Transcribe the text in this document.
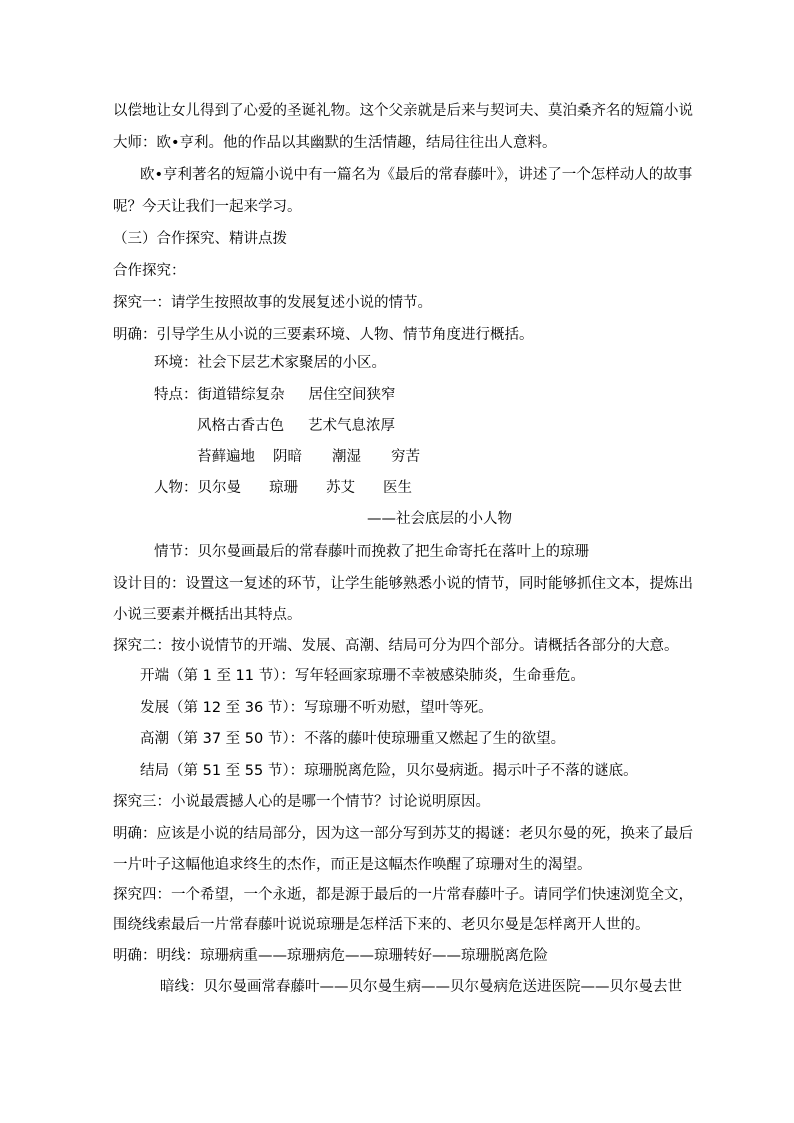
以偿地让女儿得到了心爱的圣诞礼物。这个父亲就是后来与契诃夫、莫泊桑齐名的短篇小说
大师：欧•亨利。他的作品以其幽默的生活情趣，结局往往出人意料。
欧•亨利著名的短篇小说中有一篇名为《最后的常春藤叶》，讲述了一个怎样动人的故事
呢？今天让我们一起来学习。
（三）合作探究、精讲点拨
合作探究：
探究一：请学生按照故事的发展复述小说的情节。
明确：引导学生从小说的三要素环境、人物、情节角度进行概括。
环境：社会下层艺术家聚居的小区。
特点：街道错综复杂 居住空间狭窄
风格古香古色 艺术气息浓厚
苔藓遍地 阴暗 潮湿 穷苦
人物：贝尔曼 琼珊 苏艾 医生
——社会底层的小人物
情节：贝尔曼画最后的常春藤叶而挽救了把生命寄托在落叶上的琼珊
设计目的：设置这一复述的环节，让学生能够熟悉小说的情节，同时能够抓住文本，提炼出
小说三要素并概括出其特点。
探究二：按小说情节的开端、发展、高潮、结局可分为四个部分。请概括各部分的大意。
开端（第 1 至 11 节）：写年轻画家琼珊不幸被感染肺炎，生命垂危。
发展（第 12 至 36 节）：写琼珊不听劝慰，望叶等死。
高潮（第 37 至 50 节）：不落的藤叶使琼珊重又燃起了生的欲望。
结局（第 51 至 55 节）：琼珊脱离危险，贝尔曼病逝。揭示叶子不落的谜底。
探究三：小说最震撼人心的是哪一个情节？讨论说明原因。
明确：应该是小说的结局部分，因为这一部分写到苏艾的揭谜：老贝尔曼的死，换来了最后
一片叶子这幅他追求终生的杰作，而正是这幅杰作唤醒了琼珊对生的渴望。
探究四：一个希望，一个永逝，都是源于最后的一片常春藤叶子。请同学们快速浏览全文，
围绕线索最后一片常春藤叶说说琼珊是怎样活下来的、老贝尔曼是怎样离开人世的。
明确：明线：琼珊病重——琼珊病危——琼珊转好——琼珊脱离危险
暗线：贝尔曼画常春藤叶——贝尔曼生病——贝尔曼病危送进医院——贝尔曼去世
